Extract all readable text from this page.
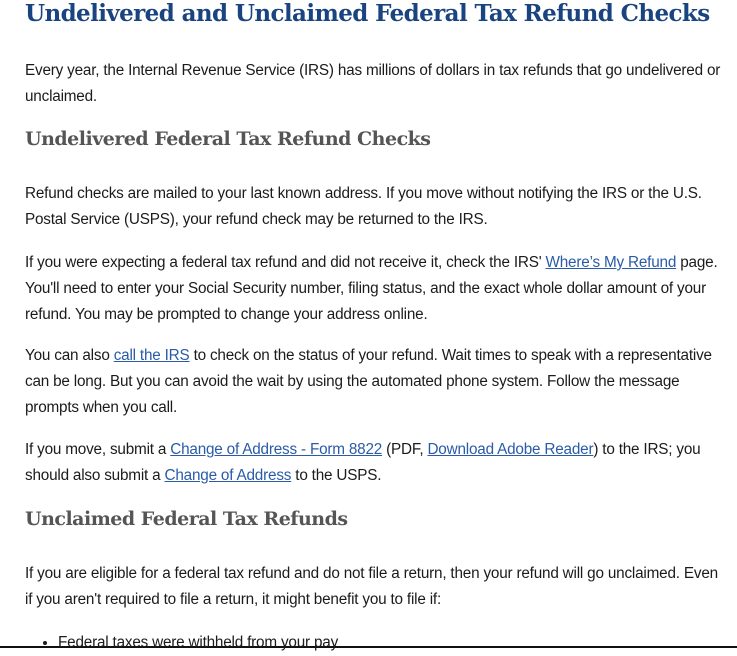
Undelivered and Unclaimed Federal Tax Refund Checks

Every year, the Internal Revenue Service (IRS) has millions of dollars in tax refunds that go undelivered or unclaimed.

Undelivered Federal Tax Refund Checks

Refund checks are mailed to your last known address. If you move without notifying the IRS or the U.S. Postal Service (USPS), your refund check may be returned to the IRS.

If you were expecting a federal tax refund and did not receive it, check the IRS' Where’s My Refund page. You'll need to enter your Social Security number, filing status, and the exact whole dollar amount of your refund. You may be prompted to change your address online.

You can also call the IRS to check on the status of your refund. Wait times to speak with a representative can be long. But you can avoid the wait by using the automated phone system. Follow the message prompts when you call.

If you move, submit a Change of Address - Form 8822 (PDF, Download Adobe Reader) to the IRS; you should also submit a Change of Address to the USPS.

Unclaimed Federal Tax Refunds

If you are eligible for a federal tax refund and do not file a return, then your refund will go unclaimed. Even if you aren't required to file a return, it might benefit you to file if:

• Federal taxes were withheld from your pay
